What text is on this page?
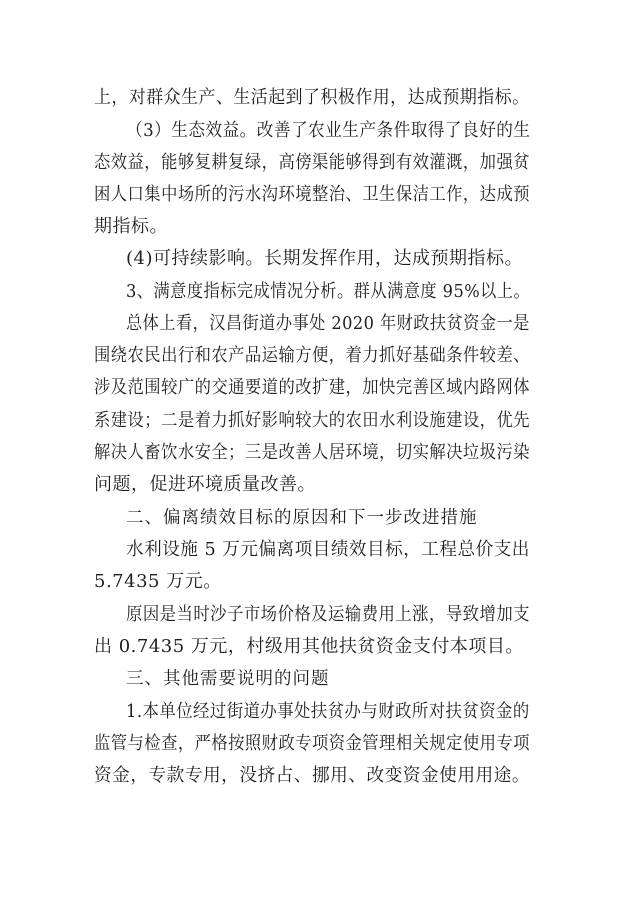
上，对群众生产、生活起到了积极作用，达成预期指标。
（3）生态效益。改善了农业生产条件取得了良好的生
态效益，能够复耕复绿，高傍渠能够得到有效灌溉，加强贫
困人口集中场所的污水沟环境整治、卫生保洁工作，达成预
期指标。
(4)可持续影响。长期发挥作用，达成预期指标。
3、满意度指标完成情况分析。群从满意度 95%以上。
总体上看，汉昌街道办事处 2020 年财政扶贫资金一是
围绕农民出行和农产品运输方便，着力抓好基础条件较差、
涉及范围较广的交通要道的改扩建，加快完善区域内路网体
系建设；二是着力抓好影响较大的农田水利设施建设，优先
解决人畜饮水安全；三是改善人居环境，切实解决垃圾污染
问题，促进环境质量改善。
二、偏离绩效目标的原因和下一步改进措施
水利设施 5 万元偏离项目绩效目标，工程总价支出
5.7435 万元。
原因是当时沙子市场价格及运输费用上涨，导致增加支
出 0.7435 万元，村级用其他扶贫资金支付本项目。
三、其他需要说明的问题
1.本单位经过街道办事处扶贫办与财政所对扶贫资金的
监管与检查，严格按照财政专项资金管理相关规定使用专项
资金，专款专用，没挤占、挪用、改变资金使用用途。
